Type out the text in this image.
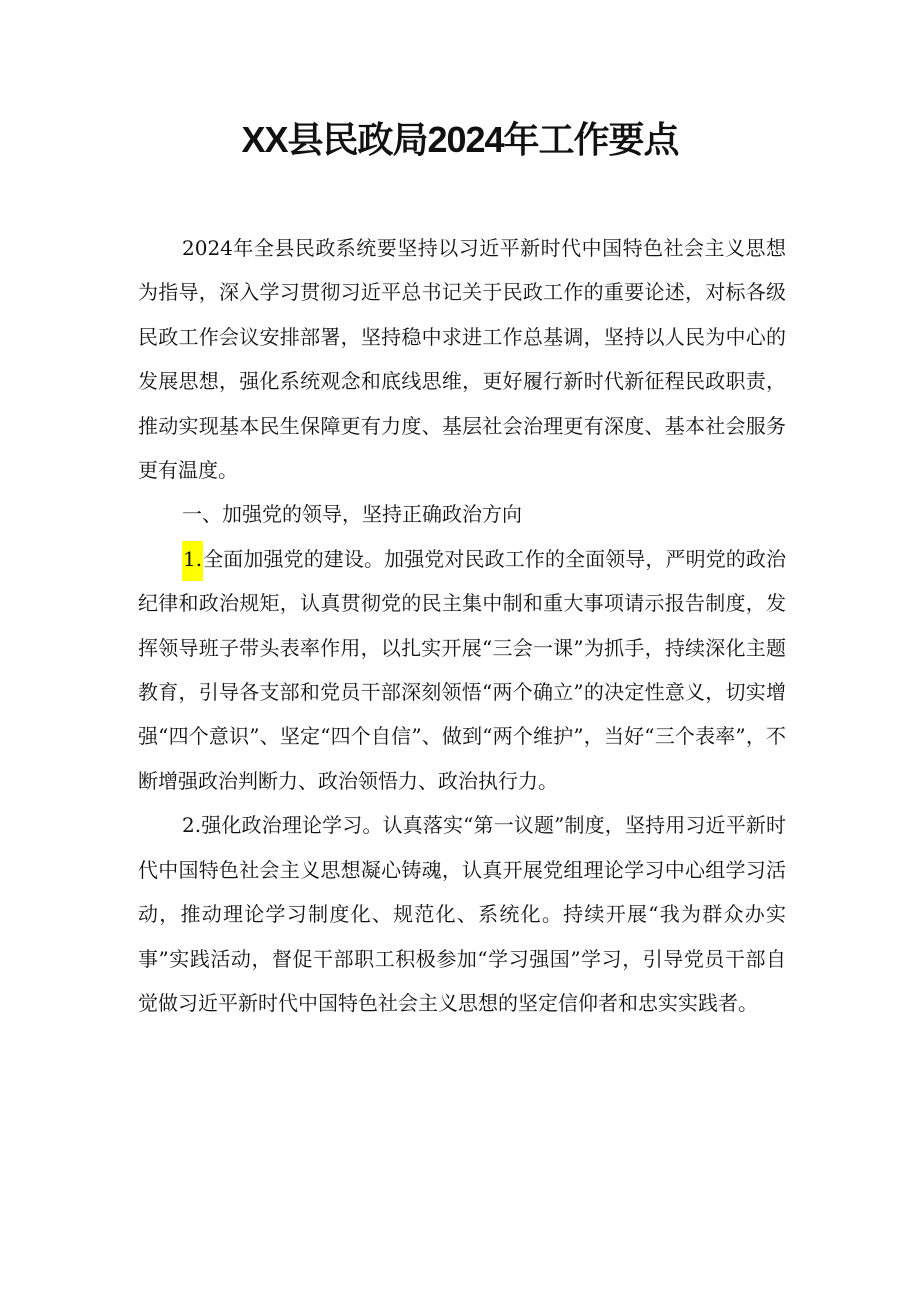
XX县民政局2024年工作要点

2024年全县民政系统要坚持以习近平新时代中国特色社会主义思想为指导，深入学习贯彻习近平总书记关于民政工作的重要论述，对标各级民政工作会议安排部署，坚持稳中求进工作总基调，坚持以人民为中心的发展思想，强化系统观念和底线思维，更好履行新时代新征程民政职责，推动实现基本民生保障更有力度、基层社会治理更有深度、基本社会服务更有温度。

一、加强党的领导，坚持正确政治方向

1.全面加强党的建设。加强党对民政工作的全面领导，严明党的政治纪律和政治规矩，认真贯彻党的民主集中制和重大事项请示报告制度，发挥领导班子带头表率作用，以扎实开展“三会一课”为抓手，持续深化主题教育，引导各支部和党员干部深刻领悟“两个确立”的决定性意义，切实增强“四个意识”、坚定“四个自信”、做到“两个维护”，当好“三个表率”，不断增强政治判断力、政治领悟力、政治执行力。

2.强化政治理论学习。认真落实“第一议题”制度，坚持用习近平新时代中国特色社会主义思想凝心铸魂，认真开展党组理论学习中心组学习活动，推动理论学习制度化、规范化、系统化。持续开展“我为群众办实事”实践活动，督促干部职工积极参加“学习强国”学习，引导党员干部自觉做习近平新时代中国特色社会主义思想的坚定信仰者和忠实实践者。
